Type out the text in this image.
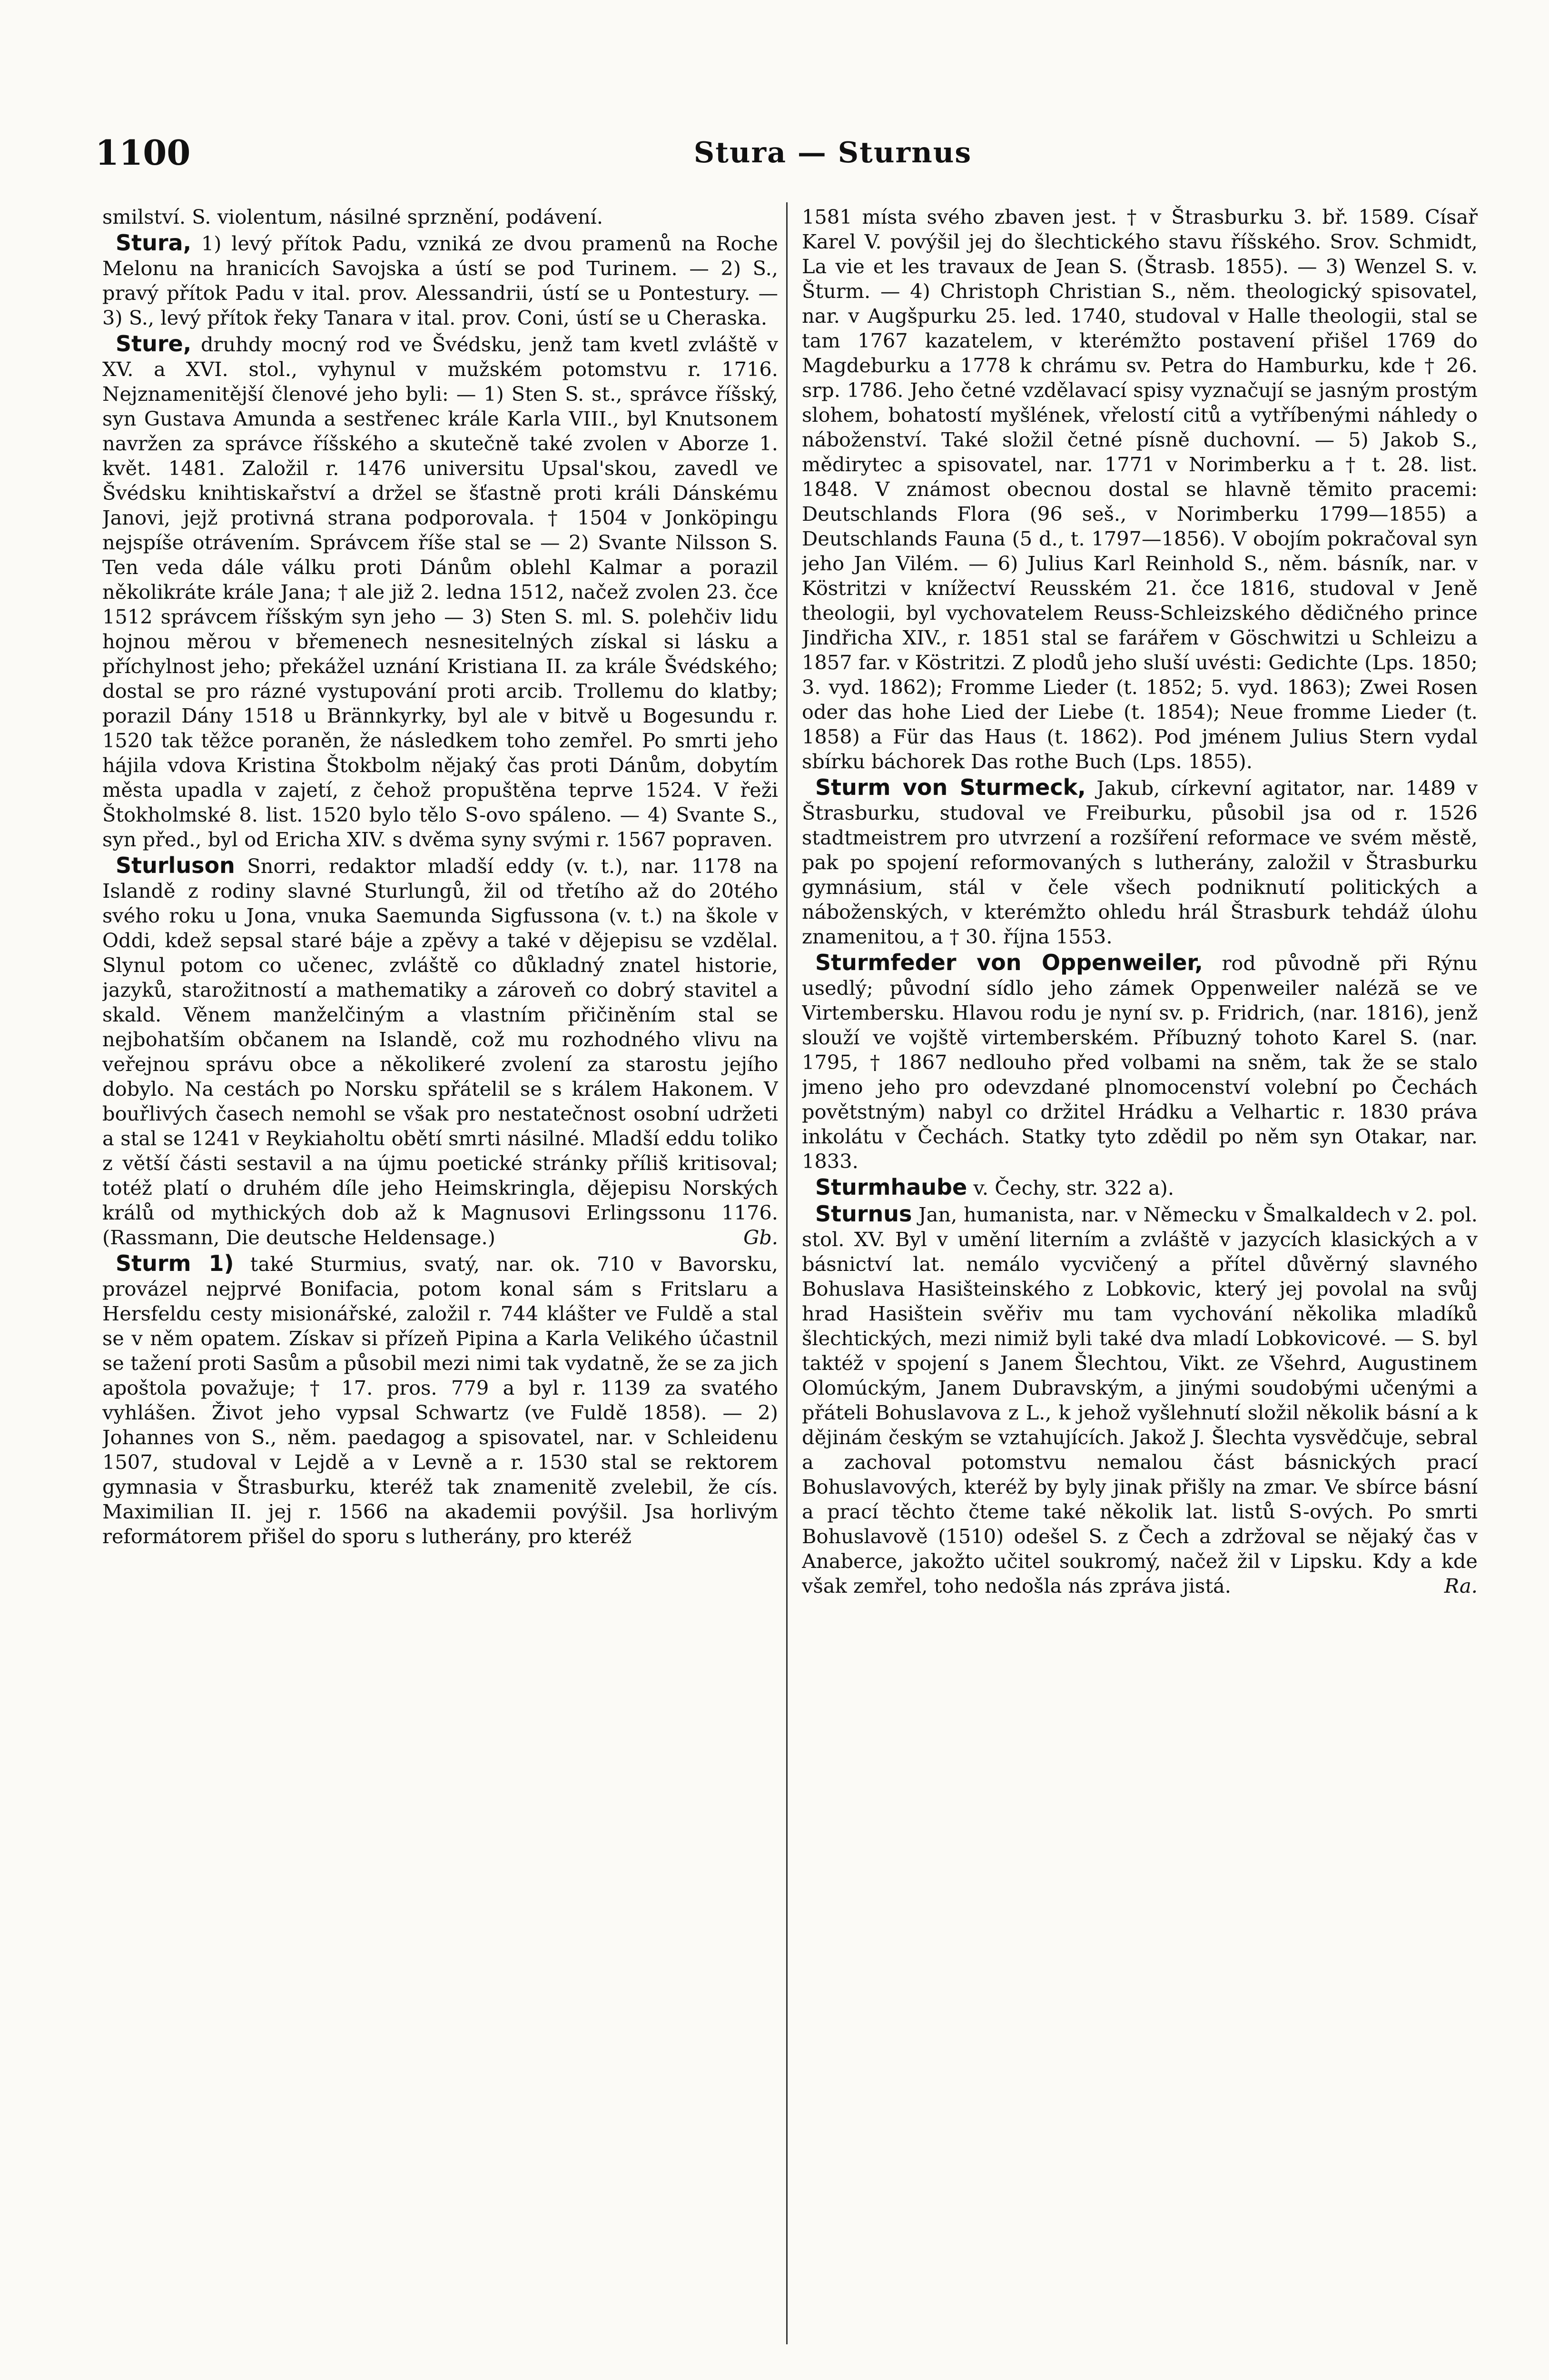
1100	Stura — Sturnus

smilství. S. violentum, násilné sprznění, podávení.

Stura, 1) levý přítok Padu, vzniká ze dvou pramenů na Roche Melonu na hranicích Savojska a ústí se pod Turinem. — 2) S., pravý přítok Padu v ital. prov. Alessandrii, ústí se u Pontestury. — 3) S., levý přítok řeky Tanara v ital. prov. Coni, ústí se u Cheraska.

Sture, druhdy mocný rod ve Švédsku, jenž tam kvetl zvláště v XV. a XVI. stol., vyhynul v mužském potomstvu r. 1716. Nejznamenitější členové jeho byli: — 1) Sten S. st., správce říšský, syn Gustava Amunda a sestřenec krále Karla VIII., byl Knutsonem navržen za správce říšského a skutečně také zvolen v Aborze 1. květ. 1481. Založil r. 1476 universitu Upsal'skou, zavedl ve Švédsku knihtiskařství a držel se šťastně proti králi Dánskému Janovi, jejž protivná strana podporovala. † 1504 v Jonköpingu nejspíše otrávením. Správcem říše stal se — 2) Svante Nilsson S. Ten veda dále válku proti Dánům oblehl Kalmar a porazil několikráte krále Jana; † ale již 2. ledna 1512, načež zvolen 23. čce 1512 správcem říšským syn jeho — 3) Sten S. ml. S. polehčiv lidu hojnou měrou v břemenech nesnesitelných získal si lásku a příchylnost jeho; překážel uznání Kristiana II. za krále Švédského; dostal se pro rázné vystupování proti arcib. Trollemu do klatby; porazil Dány 1518 u Brännkyrky, byl ale v bitvě u Bogesundu r. 1520 tak těžce poraněn, že následkem toho zemřel. Po smrti jeho hájila vdova Kristina Štokbolm nějaký čas proti Dánům, dobytím města upadla v zajetí, z čehož propuštěna teprve 1524. V řeži Štokholmské 8. list. 1520 bylo tělo S-ovo spáleno. — 4) Svante S., syn před., byl od Ericha XIV. s dvěma syny svými r. 1567 popraven.

Sturluson Snorri, redaktor mladší eddy (v. t.), nar. 1178 na Islandě z rodiny slavné Sturlungů, žil od třetího až do 20tého svého roku u Jona, vnuka Saemunda Sigfussona (v. t.) na škole v Oddi, kdež sepsal staré báje a zpěvy a také v dějepisu se vzdělal. Slynul potom co učenec, zvláště co důkladný znatel historie, jazyků, starožitností a mathematiky a zároveň co dobrý stavitel a skald. Věnem manželčiným a vlastním přičiněním stal se nejbohatším občanem na Islandě, což mu rozhodného vlivu na veřejnou správu obce a několikeré zvolení za starostu jejího dobylo. Na cestách po Norsku spřátelil se s králem Hakonem. V bouřlivých časech nemohl se však pro nestatečnost osobní udržeti a stal se 1241 v Reykiaholtu obětí smrti násilné. Mladší eddu toliko z větší části sestavil a na újmu poetické stránky příliš kritisoval; totéž platí o druhém díle jeho Heimskringla, dějepisu Norských králů od mythických dob až k Magnusovi Erlingssonu 1176. (Rassmann, Die deutsche Heldensage.)	Gb.

Sturm 1) také Sturmius, svatý, nar. ok. 710 v Bavorsku, provázel nejprvé Bonifacia, potom konal sám s Fritslaru a Hersfeldu cesty misionářské, založil r. 744 klášter ve Fuldě a stal se v něm opatem. Získav si přízeň Pipina a Karla Velikého účastnil se tažení proti Sasům a působil mezi nimi tak vydatně, že se za jich apoštola považuje; † 17. pros. 779 a byl r. 1139 za svatého vyhlášen. Život jeho vypsal Schwartz (ve Fuldě 1858). — 2) Johannes von S., něm. paedagog a spisovatel, nar. v Schleidenu 1507, studoval v Lejdě a v Levně a r. 1530 stal se rektorem gymnasia v Štrasburku, kteréž tak znamenitě zvelebil, že cís. Maximilian II. jej r. 1566 na akademii povýšil. Jsa horlivým reformátorem přišel do sporu s lutherány, pro kteréž

1581 místa svého zbaven jest. † v Štrasburku 3. bř. 1589. Císař Karel V. povýšil jej do šlechtického stavu říšského. Srov. Schmidt, La vie et les travaux de Jean S. (Štrasb. 1855). — 3) Wenzel S. v. Šturm. — 4) Christoph Christian S., něm. theologický spisovatel, nar. v Augšpurku 25. led. 1740, studoval v Halle theologii, stal se tam 1767 kazatelem, v kterémžto postavení přišel 1769 do Magdeburku a 1778 k chrámu sv. Petra do Hamburku, kde † 26. srp. 1786. Jeho četné vzdělavací spisy vyznačují se jasným prostým slohem, bohatostí myšlének, vřelostí citů a vytříbenými náhledy o náboženství. Také složil četné písně duchovní. — 5) Jakob S., mědirytec a spisovatel, nar. 1771 v Norimberku a † t. 28. list. 1848. V známost obecnou dostal se hlavně těmito pracemi: Deutschlands Flora (96 seš., v Norimberku 1799—1855) a Deutschlands Fauna (5 d., t. 1797—1856). V obojím pokračoval syn jeho Jan Vilém. — 6) Julius Karl Reinhold S., něm. básník, nar. v Köstritzi v knížectví Reusském 21. čce 1816, studoval v Jeně theologii, byl vychovatelem Reuss-Schleizského dědičného prince Jindřicha XIV., r. 1851 stal se farářem v Göschwitzi u Schleizu a 1857 far. v Köstritzi. Z plodů jeho sluší uvésti: Gedichte (Lps. 1850; 3. vyd. 1862); Fromme Lieder (t. 1852; 5. vyd. 1863); Zwei Rosen oder das hohe Lied der Liebe (t. 1854); Neue fromme Lieder (t. 1858) a Für das Haus (t. 1862). Pod jménem Julius Stern vydal sbírku báchorek Das rothe Buch (Lps. 1855).

Sturm von Sturmeck, Jakub, církevní agitator, nar. 1489 v Štrasburku, studoval ve Freiburku, působil jsa od r. 1526 stadtmeistrem pro utvrzení a rozšíření reformace ve svém městě, pak po spojení reformovaných s lutherány, založil v Štrasburku gymnásium, stál v čele všech podniknutí politických a náboženských, v kterémžto ohledu hrál Štrasburk tehdáž úlohu znamenitou, a † 30. října 1553.

Sturmfeder von Oppenweiler, rod původně při Rýnu usedlý; původní sídlo jeho zámek Oppenweiler naléză se ve Virtembersku. Hlavou rodu je nyní sv. p. Fridrich, (nar. 1816), jenž slouží ve vojště virtemberském. Příbuzný tohoto Karel S. (nar. 1795, † 1867 nedlouho před volbami na sněm, tak že se stalo jmeno jeho pro odevzdané plnomocenství volební po Čechách povětstným) nabyl co držitel Hrádku a Velhartic r. 1830 práva inkolátu v Čechách. Statky tyto zdědil po něm syn Otakar, nar. 1833.

Sturmhaube v. Čechy, str. 322 a).

Sturnus Jan, humanista, nar. v Německu v Šmalkaldech v 2. pol. stol. XV. Byl v umění literním a zvláště v jazycích klasických a v básnictví lat. nemálo vycvičený a přítel důvěrný slavného Bohuslava Hasišteinského z Lobkovic, který jej povolal na svůj hrad Hasištein svěřiv mu tam vychování několika mladíků šlechtických, mezi nimiž byli také dva mladí Lobkovicové. — S. byl taktéž v spojení s Janem Šlechtou, Vikt. ze Všehrd, Augustinem Olomúckým, Janem Dubravským, a jinými soudobými učenými a přáteli Bohuslavova z L., k jehož vyšlehnutí složil několik básní a k dějinám českým se vztahujících. Jakož J. Šlechta vysvědčuje, sebral a zachoval potomstvu nemalou část básnických prací Bohuslavových, kteréž by byly jinak přišly na zmar. Ve sbírce básní a prací těchto čteme také několik lat. listů S-ových. Po smrti Bohuslavově (1510) odešel S. z Čech a zdržoval se nějaký čas v Anaberce, jakožto učitel soukromý, načež žil v Lipsku. Kdy a kde však zemřel, toho nedošla nás zpráva jistá.	Ra.
